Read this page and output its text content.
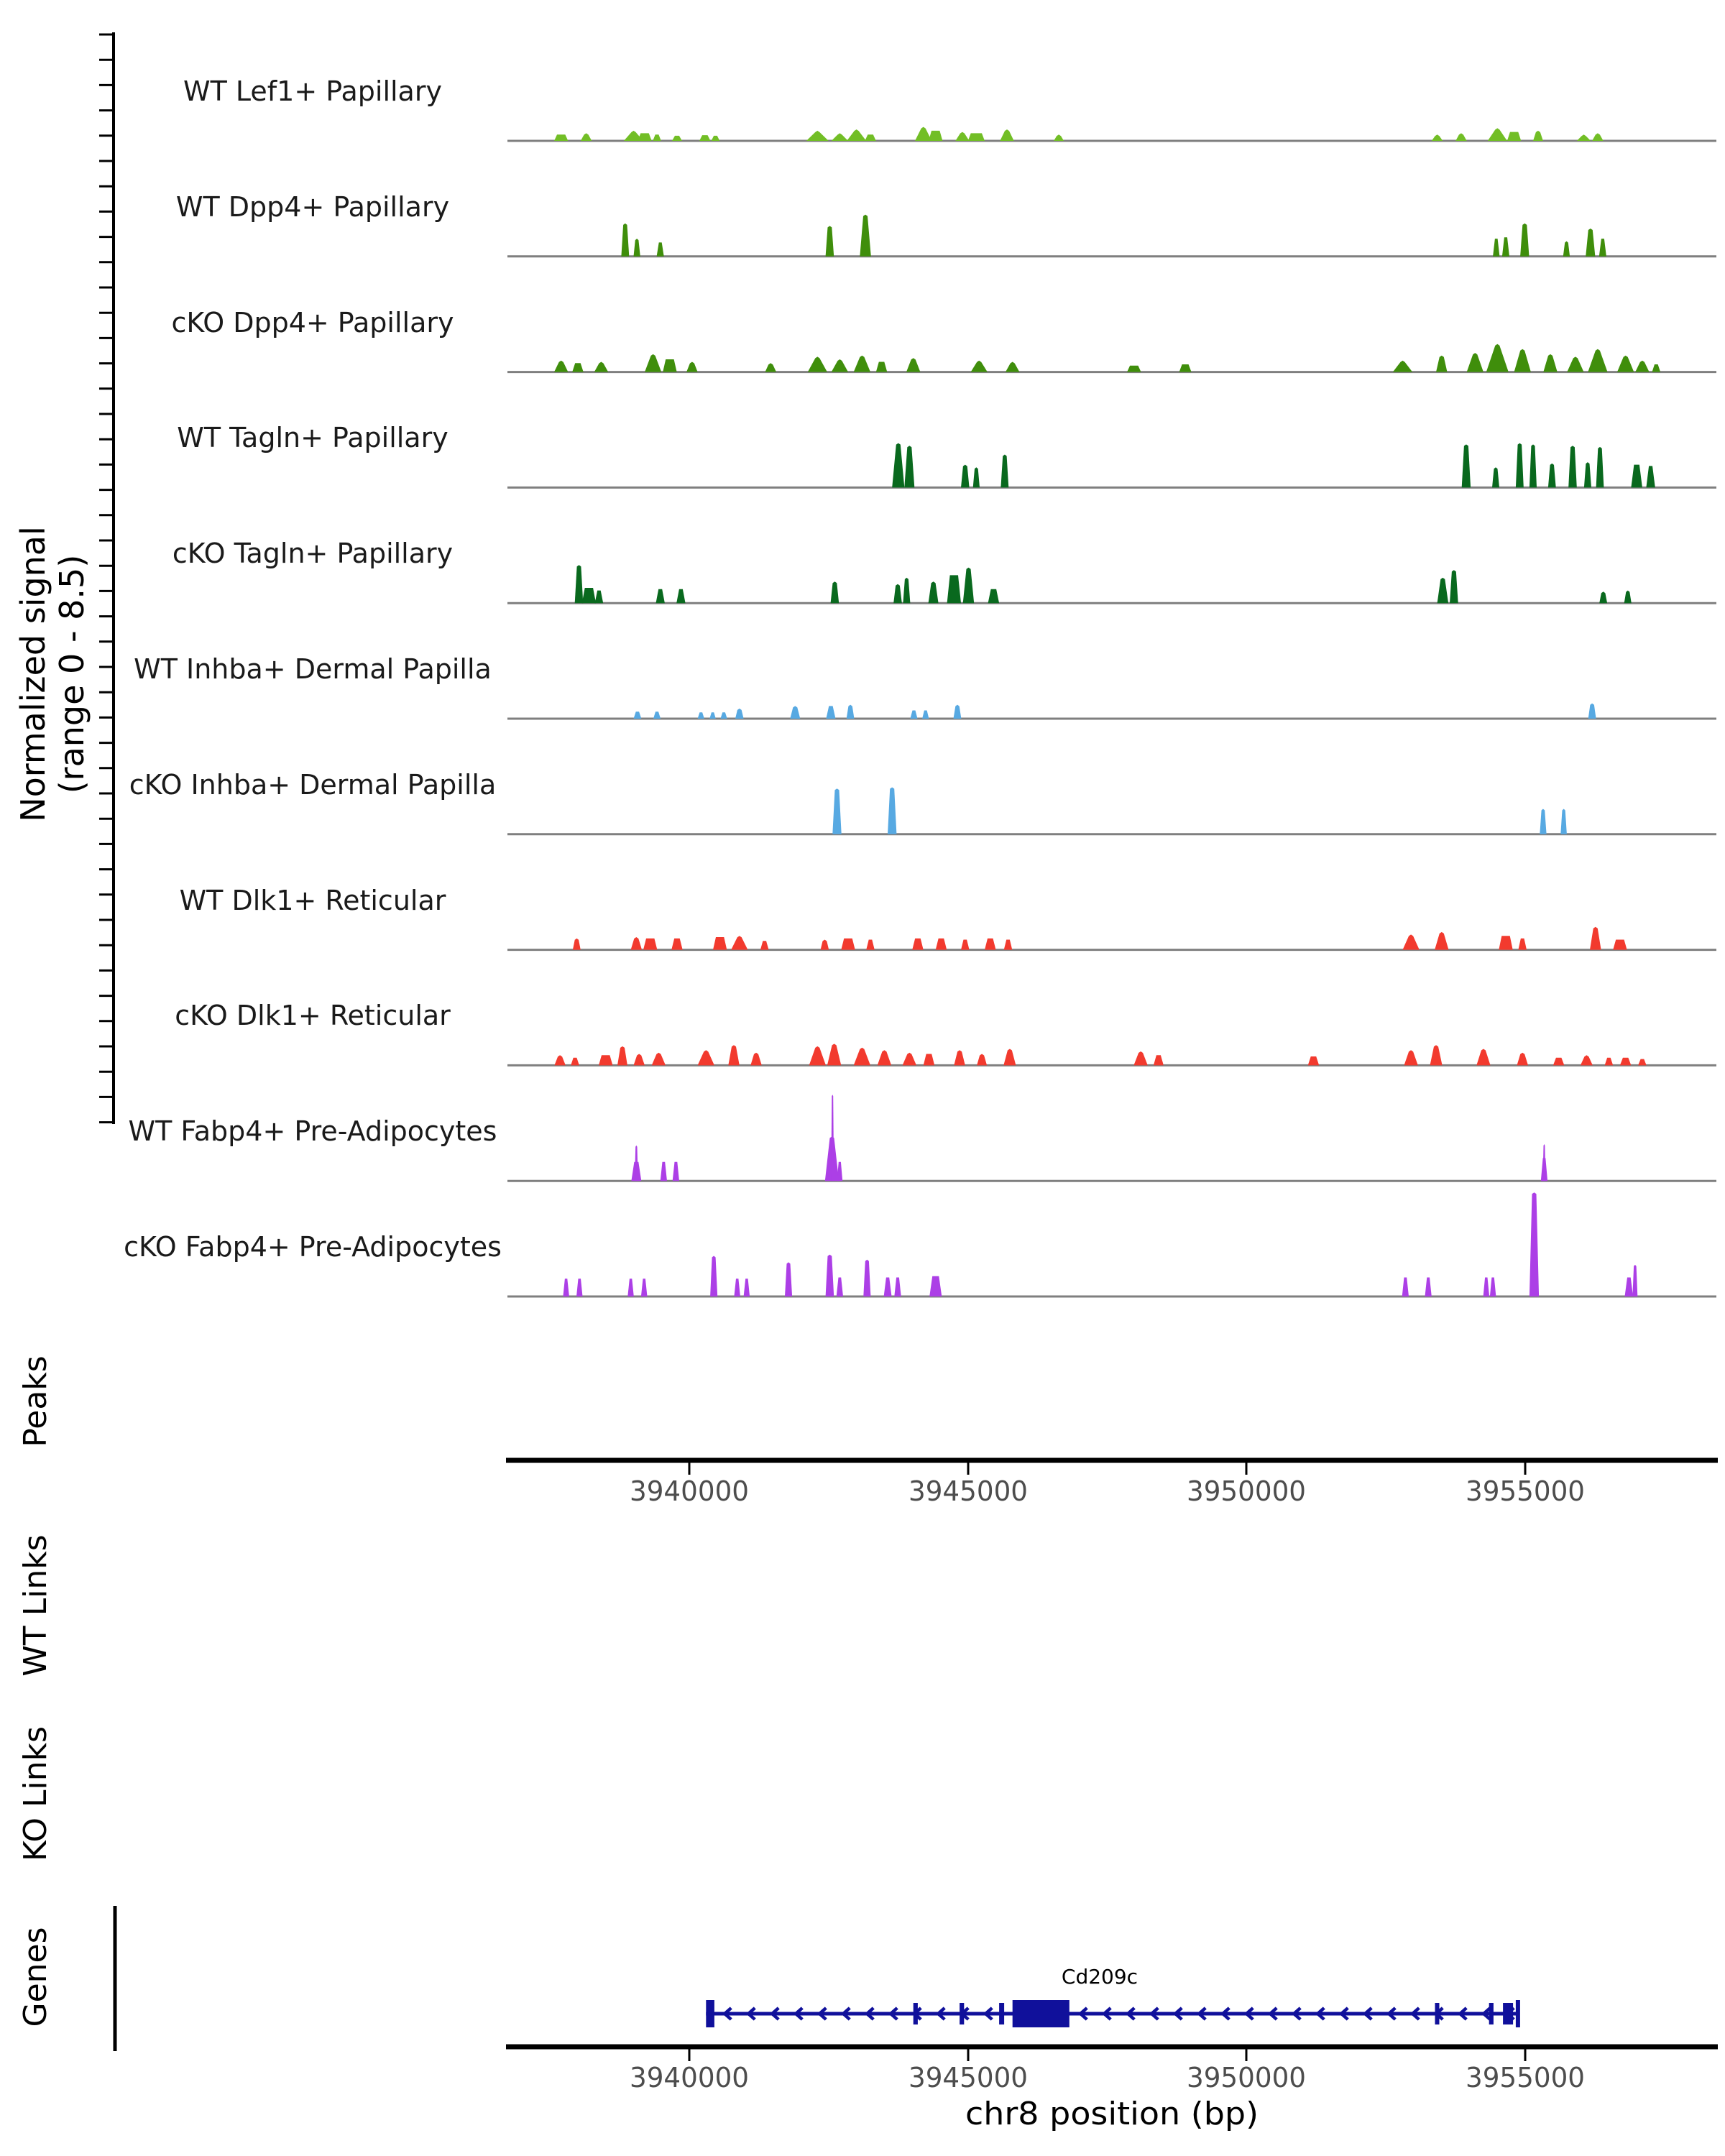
Normalized signal (range 0 - 8.5)
WT Lef1+ Papillary
WT Dpp4+ Papillary
cKO Dpp4+ Papillary
WT Tagln+ Papillary
cKO Tagln+ Papillary
WT Inhba+ Dermal Papilla
cKO Inhba+ Dermal Papilla
WT Dlk1+ Reticular
cKO Dlk1+ Reticular
WT Fabp4+ Pre-Adipocytes
cKO Fabp4+ Pre-Adipocytes
Peaks
3940000	3945000	3950000	3955000
WT Links
KO Links
Genes	Cd209c
3940000	3945000	3950000	3955000
chr8 position (bp)
